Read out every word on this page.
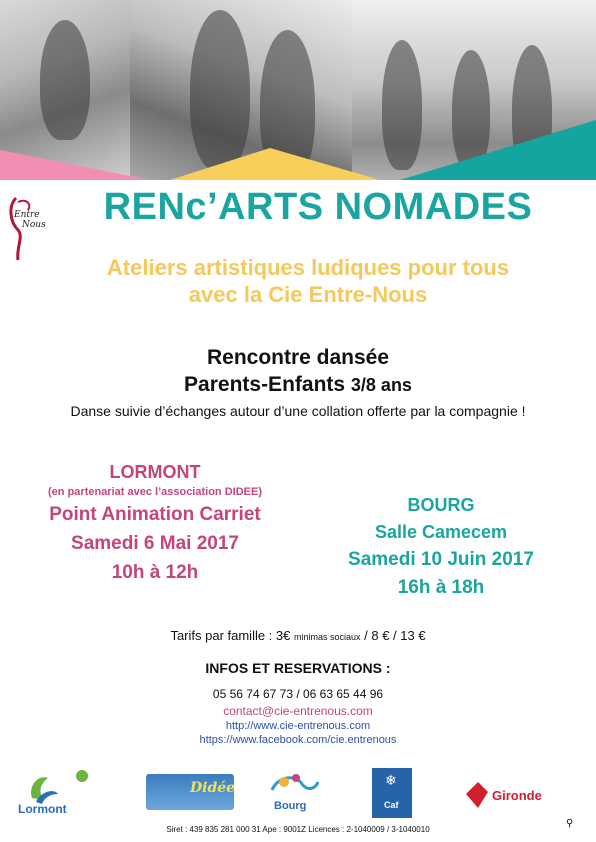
Entre
Nous	RENc’ARTS NOMADES
Ateliers artistiques ludiques pour tous
avec la Cie Entre-Nous
Rencontre dansée
Parents-Enfants 3/8 ans
Danse suivie d’échanges autour d’une collation offerte par la compagnie !
LORMONT
(en partenariat avec l’association DIDEE)
Point Animation Carriet
Samedi 6 Mai 2017
10h à 12h
BOURG
Salle Camecem
Samedi 10 Juin 2017
16h à 18h
Tarifs par famille : 3€ minimas sociaux / 8 € / 13 €
INFOS ET RESERVATIONS :
05 56 74 67 73 / 06 63 65 44 96
contact@cie-entrenous.com
http://www.cie-entrenous.com
https://www.facebook.com/cie.entrenous
Lormont
Didée
Bourg
❄
Caf
Gironde
Siret : 439 835 281 000 31 Ape : 9001Z Licences : 2-1040009 / 3-1040010
⚲
